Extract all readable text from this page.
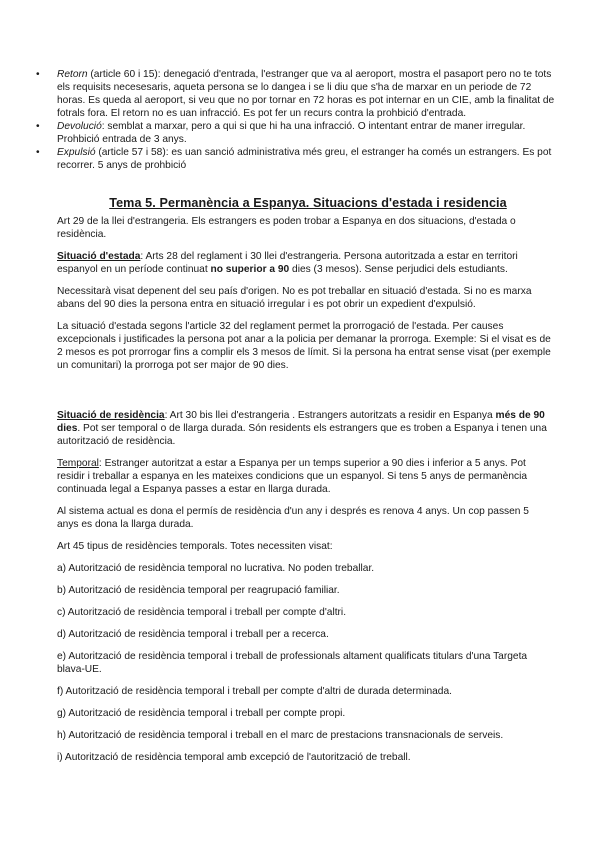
• Retorn (article 60 i 15): denegació d'entrada, l'estranger que va al aeroport, mostra el pasaport pero no te tots els requisits necesesaris, aqueta persona se lo dangea i se li diu que s'ha de marxar en un periode de 72 horas. Es queda al aeroport, si veu que no por tornar en 72 horas es pot internar en un CIE, amb la finalitat de fotrals fora. El retorn no es uan infracció. Es pot fer un recurs contra la prohbició d'entrada.
• Devolució: semblat a marxar, pero a qui si que hi ha una infracció. O intentant entrar de maner irregular. Prohbició entrada de 3 anys.
• Expulsió (article 57 i 58): es uan sanció administrativa més greu, el estranger ha comés un estrangers. Es pot recorrer. 5 anys de prohbició
Tema 5. Permanència a Espanya. Situacions d'estada i residencia

Art 29 de la llei d'estrangeria. Els estrangers es poden trobar a Espanya en dos situacions, d'estada o residència.

Situació d'estada: Arts 28 del reglament i 30 llei d'estrangeria. Persona autoritzada a estar en territori espanyol en un període continuat no superior a 90 dies (3 mesos). Sense perjudici dels estudiants.

Necessitarà visat depenent del seu país d'origen. No es pot treballar en situació d'estada. Si no es marxa abans del 90 dies la persona entra en situació irregular i es pot obrir un expedient d'expulsió.

La situació d'estada segons l'article 32 del reglament permet la prorrogació de l'estada. Per causes excepcionals i justificades la persona pot anar a la policia per demanar la prorroga. Exemple: Si el visat es de 2 mesos es pot prorrogar fins a complir els 3 mesos de límit. Si la persona ha entrat sense visat (per exemple un comunitari) la prorroga pot ser major de 90 dies.

Situació de residència: Art 30 bis llei d'estrangeria . Estrangers autoritzats a residir en Espanya més de 90 dies. Pot ser temporal o de llarga durada. Són residents els estrangers que es troben a Espanya i tenen una autorització de residència.

Temporal: Estranger autoritzat a estar a Espanya per un temps superior a 90 dies i inferior a 5 anys. Pot residir i treballar a espanya en les mateixes condicions que un espanyol. Si tens 5 anys de permanència continuada legal a Espanya passes a estar en llarga durada.

Al sistema actual es dona el permís de residència d'un any i després es renova 4 anys. Un cop passen 5 anys es dona la llarga durada.

Art 45 tipus de residències temporals. Totes necessiten visat:

a) Autorització de residència temporal no lucrativa. No poden treballar.
b) Autorització de residència temporal per reagrupació familiar.
c) Autorització de residència temporal i treball per compte d'altri.
d) Autorització de residència temporal i treball per a recerca.
e) Autorització de residència temporal i treball de professionals altament qualificats titulars d'una Targeta blava-UE.
f) Autorització de residència temporal i treball per compte d'altri de durada determinada.
g) Autorització de residència temporal i treball per compte propi.
h) Autorització de residència temporal i treball en el marc de prestacions transnacionals de serveis.
i) Autorització de residència temporal amb excepció de l'autorització de treball.
